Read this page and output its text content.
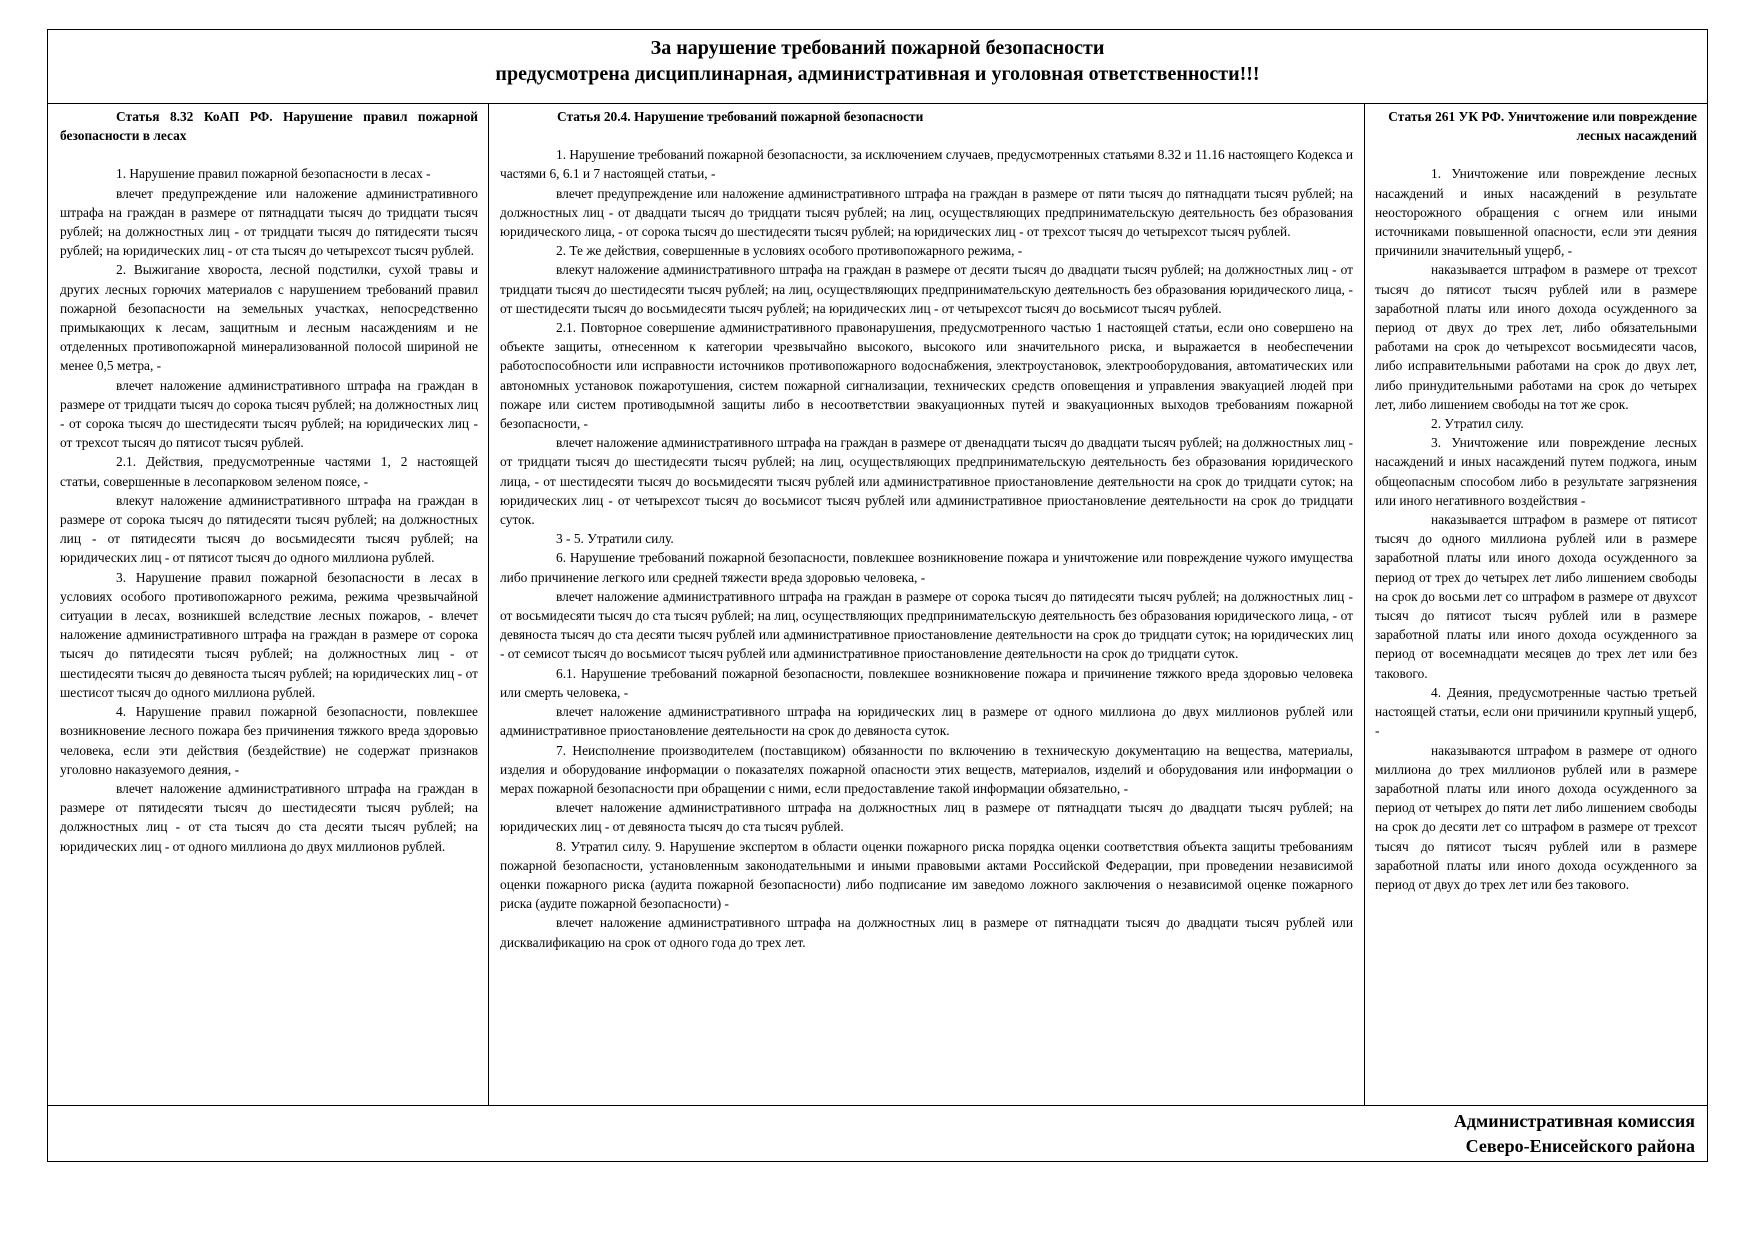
За нарушение требований пожарной безопасности
предусмотрена дисциплинарная, административная и уголовная ответственности!!!
Статья 8.32 КоАП РФ. Нарушение правил пожарной безопасности в лесах
1. Нарушение правил пожарной безопасности в лесах -
влечет предупреждение или наложение административного штрафа на граждан в размере от пятнадцати тысяч до тридцати тысяч рублей; на должностных лиц - от тридцати тысяч до пятидесяти тысяч рублей; на юридических лиц - от ста тысяч до четырехсот тысяч рублей.
2. Выжигание хвороста, лесной подстилки, сухой травы и других лесных горючих материалов с нарушением требований правил пожарной безопасности на земельных участках, непосредственно примыкающих к лесам, защитным и лесным насаждениям и не отделенных противопожарной минерализованной полосой шириной не менее 0,5 метра, -
влечет наложение административного штрафа на граждан в размере от тридцати тысяч до сорока тысяч рублей; на должностных лиц - от сорока тысяч до шестидесяти тысяч рублей; на юридических лиц - от трехсот тысяч до пятисот тысяч рублей.
2.1. Действия, предусмотренные частями 1, 2 настоящей статьи, совершенные в лесопарковом зеленом поясе, -
влекут наложение административного штрафа на граждан в размере от сорока тысяч до пятидесяти тысяч рублей; на должностных лиц - от пятидесяти тысяч до восьмидесяти тысяч рублей; на юридических лиц - от пятисот тысяч до одного миллиона рублей.
3. Нарушение правил пожарной безопасности в лесах в условиях особого противопожарного режима, режима чрезвычайной ситуации в лесах, возникшей вследствие лесных пожаров, - влечет наложение административного штрафа на граждан в размере от сорока тысяч до пятидесяти тысяч рублей; на должностных лиц - от шестидесяти тысяч до девяноста тысяч рублей; на юридических лиц - от шестисот тысяч до одного миллиона рублей.
4. Нарушение правил пожарной безопасности, повлекшее возникновение лесного пожара без причинения тяжкого вреда здоровью человека, если эти действия (бездействие) не содержат признаков уголовно наказуемого деяния, -
влечет наложение административного штрафа на граждан в размере от пятидесяти тысяч до шестидесяти тысяч рублей; на должностных лиц - от ста тысяч до ста десяти тысяч рублей; на юридических лиц - от одного миллиона до двух миллионов рублей.
Статья 20.4. Нарушение требований пожарной безопасности
1. Нарушение требований пожарной безопасности, за исключением случаев, предусмотренных статьями 8.32 и 11.16 настоящего Кодекса и частями 6, 6.1 и 7 настоящей статьи, -
влечет предупреждение или наложение административного штрафа на граждан в размере от пяти тысяч до пятнадцати тысяч рублей; на должностных лиц - от двадцати тысяч до тридцати тысяч рублей; на лиц, осуществляющих предпринимательскую деятельность без образования юридического лица, - от сорока тысяч до шестидесяти тысяч рублей; на юридических лиц - от трехсот тысяч до четырехсот тысяч рублей.
2. Те же действия, совершенные в условиях особого противопожарного режима, -
влекут наложение административного штрафа на граждан в размере от десяти тысяч до двадцати тысяч рублей; на должностных лиц - от тридцати тысяч до шестидесяти тысяч рублей; на лиц, осуществляющих предпринимательскую деятельность без образования юридического лица, - от шестидесяти тысяч до восьмидесяти тысяч рублей; на юридических лиц - от четырехсот тысяч до восьмисот тысяч рублей.
2.1. Повторное совершение административного правонарушения, предусмотренного частью 1 настоящей статьи, если оно совершено на объекте защиты, отнесенном к категории чрезвычайно высокого, высокого или значительного риска, и выражается в необеспечении работоспособности или исправности источников противопожарного водоснабжения, электроустановок, электрооборудования, автоматических или автономных установок пожаротушения, систем пожарной сигнализации, технических средств оповещения и управления эвакуацией людей при пожаре или систем противодымной защиты либо в несоответствии эвакуационных путей и эвакуационных выходов требованиям пожарной безопасности, -
влечет наложение административного штрафа на граждан в размере от двенадцати тысяч до двадцати тысяч рублей; на должностных лиц - от тридцати тысяч до шестидесяти тысяч рублей; на лиц, осуществляющих предпринимательскую деятельность без образования юридического лица, - от шестидесяти тысяч до восьмидесяти тысяч рублей или административное приостановление деятельности на срок до тридцати суток; на юридических лиц - от четырехсот тысяч до восьмисот тысяч рублей или административное приостановление деятельности на срок до тридцати суток.
3 - 5. Утратили силу.
6. Нарушение требований пожарной безопасности, повлекшее возникновение пожара и уничтожение или повреждение чужого имущества либо причинение легкого или средней тяжести вреда здоровью человека, -
влечет наложение административного штрафа на граждан в размере от сорока тысяч до пятидесяти тысяч рублей; на должностных лиц - от восьмидесяти тысяч до ста тысяч рублей; на лиц, осуществляющих предпринимательскую деятельность без образования юридического лица, - от девяноста тысяч до ста десяти тысяч рублей или административное приостановление деятельности на срок до тридцати суток; на юридических лиц - от семисот тысяч до восьмисот тысяч рублей или административное приостановление деятельности на срок до тридцати суток.
6.1. Нарушение требований пожарной безопасности, повлекшее возникновение пожара и причинение тяжкого вреда здоровью человека или смерть человека, -
влечет наложение административного штрафа на юридических лиц в размере от одного миллиона до двух миллионов рублей или административное приостановление деятельности на срок до девяноста суток.
7. Неисполнение производителем (поставщиком) обязанности по включению в техническую документацию на вещества, материалы, изделия и оборудование информации о показателях пожарной опасности этих веществ, материалов, изделий и оборудования или информации о мерах пожарной безопасности при обращении с ними, если предоставление такой информации обязательно, -
влечет наложение административного штрафа на должностных лиц в размере от пятнадцати тысяч до двадцати тысяч рублей; на юридических лиц - от девяноста тысяч до ста тысяч рублей.
8. Утратил силу. 9. Нарушение экспертом в области оценки пожарного риска порядка оценки соответствия объекта защиты требованиям пожарной безопасности, установленным законодательными и иными правовыми актами Российской Федерации, при проведении независимой оценки пожарного риска (аудита пожарной безопасности) либо подписание им заведомо ложного заключения о независимой оценке пожарного риска (аудите пожарной безопасности) -
влечет наложение административного штрафа на должностных лиц в размере от пятнадцати тысяч до двадцати тысяч рублей или дисквалификацию на срок от одного года до трех лет.
Статья 261 УК РФ. Уничтожение или повреждение лесных насаждений
1. Уничтожение или повреждение лесных насаждений и иных насаждений в результате неосторожного обращения с огнем или иными источниками повышенной опасности, если эти деяния причинили значительный ущерб, -
наказывается штрафом в размере от трехсот тысяч до пятисот тысяч рублей или в размере заработной платы или иного дохода осужденного за период от двух до трех лет, либо обязательными работами на срок до четырехсот восьмидесяти часов, либо исправительными работами на срок до двух лет, либо принудительными работами на срок до четырех лет, либо лишением свободы на тот же срок.
2. Утратил силу.
3. Уничтожение или повреждение лесных насаждений и иных насаждений путем поджога, иным общеопасным способом либо в результате загрязнения или иного негативного воздействия -
наказывается штрафом в размере от пятисот тысяч до одного миллиона рублей или в размере заработной платы или иного дохода осужденного за период от трех до четырех лет либо лишением свободы на срок до восьми лет со штрафом в размере от двухсот тысяч до пятисот тысяч рублей или в размере заработной платы или иного дохода осужденного за период от восемнадцати месяцев до трех лет или без такового.
4. Деяния, предусмотренные частью третьей настоящей статьи, если они причинили крупный ущерб, -
наказываются штрафом в размере от одного миллиона до трех миллионов рублей или в размере заработной платы или иного дохода осужденного за период от четырех до пяти лет либо лишением свободы на срок до десяти лет со штрафом в размере от трехсот тысяч до пятисот тысяч рублей или в размере заработной платы или иного дохода осужденного за период от двух до трех лет или без такового.
Административная комиссия
Северо-Енисейского района
